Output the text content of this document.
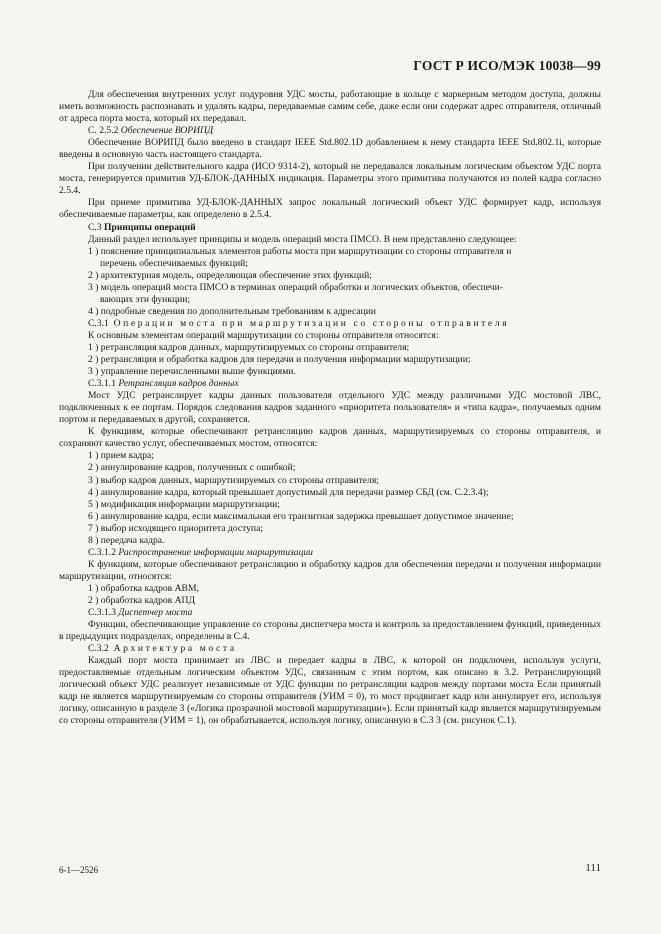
ГОСТ Р ИСО/МЭК 10038—99

Для обеспечения внутренних услуг подуровня УДС мосты, работающие в кольце с маркерным методом доступа, должны иметь возможность распознавать и удалять кадры, передаваемые самим себе, даже если они содержат адрес отправителя, отличный от адреса порта моста, который их передавал.

С. 2.5.2 Обеспечение ВОРИПД

Обеспечение ВОРИПД было введено в стандарт IEEE Std.802.1D добавлением к нему стандарта IEEE Std.802.1i, которые введены в основную часть настоящего стандарта.

При получении действительного кадра (ИСО 9314-2), который не передавался локальным логическим объектом УДС порта моста, генерируется примитив УД-БЛОК-ДАННЫХ индикация. Параметры этого примитива получаются из полей кадра согласно 2.5.4.

При приеме примитива УД-БЛОК-ДАННЫХ запрос локальный логический объект УДС формирует кадр, используя обеспечиваемые параметры, как определено в 2.5.4.

С.3 Принципы операций

Данный раздел использует принципы и модель операций моста ПМСО. В нем представлено следующее:

1 ) пояснение принципиальных элементов работы моста при маршрутизации со стороны отправителя и

перечень обеспечиваемых функций;

2 ) архитектурная модель, определяющая обеспечение этих функций;

3 ) модель операций моста ПМСО в терминах операций обработки и логических объектов, обеспечи-

вающих эти функции;

4 ) подробные сведения по дополнительным требованиям к адресации

С.3.1 Операции моста при маршрутизации со стороны отправителя

К основным элементам операций маршрутизации со стороны отправителя относятся:

1 ) ретрансляция кадров данных, маршрутизируемых со стороны отправителя;

2 ) ретрансляция и обработка кадров для передачи и получения информации маршрутизации;

3 ) управление перечисленными выше функциями.

С.3.1.1 Ретрансляция кадров данных

Мост УДС ретранслирует кадры данных пользователя отдельного УДС между различными УДС мостовой ЛВС, подключенных к ее портам. Порядок следования кадров заданного «приоритета пользователя» и «типа кадра», получаемых одним портом и передаваемых в другой, сохраняется.

К функциям, которые обеспечивают ретрансляцию кадров данных, маршрутизируемых со стороны отправителя, и сохраняют качество услуг, обеспечиваемых мостом, относятся:

1 ) прием кадра;

2 ) аннулирование кадров, полученных с ошибкой;

3 ) выбор кадров данных, маршрутизируемых со стороны отправителя;

4 ) аннулирование кадра, который превышает допустимый для передачи размер СБД (см. С.2.3.4);

5 ) модификация информации маршрутизации;

6 ) аннулирование кадра, если максимальная его транзитная задержка превышает допустимое значение;

7 ) выбор исходящего приоритета доступа;

8 ) передача кадра.

С.3.1.2 Распространение информации маршрутизации

К функциям, которые обеспечивают ретрансляцию и обработку кадров для обеспечения передачи и получения информации маршрутизации, относятся:

1 ) обработка кадров АВМ,

2 ) обработка кадров АПД

С.3.1.3 Диспетчер моста

Функции, обеспечивающие управление со стороны диспетчера моста и контроль за предоставлением функций, приведенных в предыдущих подразделах, определены в С.4.

С.3.2 Архитектура моста

Каждый порт моста принимает из ЛВС и передает кадры в ЛВС, к которой он подключен, используя услуги, предоставляемые отдельным логическим объектом УДС, связанным с этим портом, как описано в 3.2. Ретранслирующий логический объект УДС реализует независимые от УДС функции по ретрансляции кадров между портами моста Если принятый кадр не является маршрутизируемым со стороны отправителя (УИМ = 0), то мост продвигает кадр или аннулирует его, используя логику, описанную в разделе 3 («Логика прозрачной мостовой маршрутизации»). Если принятый кадр является маршрутизируемым со стороны отправителя (УИМ = 1), он обрабатывается, используя логику, описанную в С.3 3 (см. рисунок С.1).

6-1—2526	111
